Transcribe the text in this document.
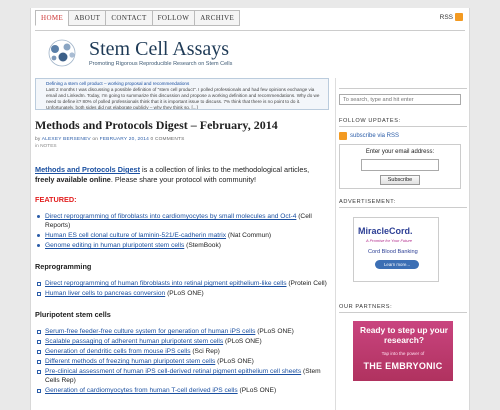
HOME	ABOUT	CONTACT	FOLLOW	ARCHIVE	RSS
Stem Cell Assays
Promoting Rigorous Reproducible Research on Stem Cells
Defining a stem cell product – working proposal and recommendations
Last 2 months I was discussing a possible definition of "stem cell product". I polled professionals and had few opinions exchange via email and LinkedIn. Today, I'm going to summarize this discussion and propose a working definition and recommendations. Why do we need to define it? 80% of polled professionals think that it is important issue to discuss. 7% think that there is no point to do it. Unfortunately, both sides did not elaborate publicly – why they think so. [...]
Methods and Protocols Digest – February, 2014
by ALEXEY BERSENEV on FEBRUARY 20, 2014 0 COMMENTS
in NOTES

Methods and Protocols Digest is a collection of links to the methodological articles, freely available online. Please share your protocol with community!

FEATURED:
Direct reprogramming of fibroblasts into cardiomyocytes by small molecules and Oct-4 (Cell Reports)
Human ES cell clonal culture of laminin-521/E-cadherin matrix (Nat Commun)
Genome editing in human pluripotent stem cells (StemBook)
Reprogramming
Direct reprogramming of human fibroblasts into retinal pigment epithelium-like cells (Protein Cell)
Human liver cells to pancreas conversion (PLoS ONE)
Pluripotent stem cells
Serum-free feeder-free culture system for generation of human iPS cells (PLoS ONE)
Scalable passaging of adherent human pluripotent stem cells (PLoS ONE)
Generation of dendritic cells from mouse iPS cells (Sci Rep)
Different methods of freezing human pluripotent stem cells (PLoS ONE)
Pre-clinical assessment of human iPS cell-derived retinal pigment epithelium cell sheets (Stem Cells Rep)
Generation of cardiomyocytes from human T-cell derived iPS cells (PLoS ONE)

To search, type and hit enter
FOLLOW UPDATES:
subscribe via RSS
Enter your email address:
Subscribe
ADVERTISEMENT:
MiracleCord.
A Promise for Your Future
Cord Blood Banking
Learn more...
OUR PARTNERS:
Ready to step up your research?
Tap into the power of
THE EMBRYONIC
